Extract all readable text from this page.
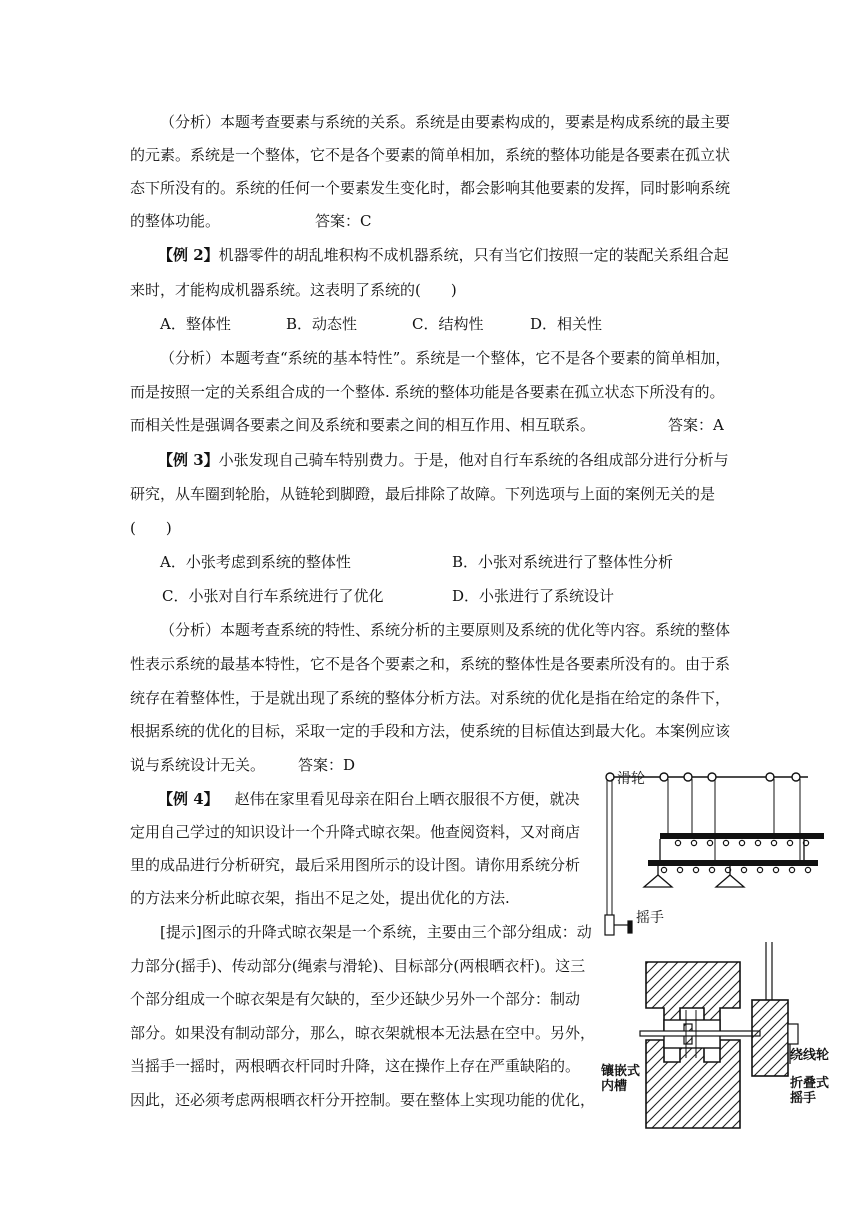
（分析）本题考查要素与系统的关系。系统是由要素构成的，要素是构成系统的最主要
的元素。系统是一个整体，它不是各个要素的简单相加，系统的整体功能是各要素在孤立状
态下所没有的。系统的任何一个要素发生变化时，都会影响其他要素的发挥，同时影响系统
的整体功能。	答案：C
【例 2】机器零件的胡乱堆积构不成机器系统，只有当它们按照一定的装配关系组合起
来时，才能构成机器系统。这表明了系统的(　　)
A．整体性	B．动态性	C．结构性	D．相关性
（分析）本题考查“系统的基本特性”。系统是一个整体，它不是各个要素的简单相加，
而是按照一定的关系组合成的一个整体. 系统的整体功能是各要素在孤立状态下所没有的。
而相关性是强调各要素之间及系统和要素之间的相互作用、相互联系。	答案：A
【例 3】小张发现自己骑车特别费力。于是，他对自行车系统的各组成部分进行分析与
研究，从车圈到轮胎，从链轮到脚蹬，最后排除了故障。下列选项与上面的案例无关的是
(　　)
A．小张考虑到系统的整体性	B．小张对系统进行了整体性分析
C．小张对自行车系统进行了优化	D．小张进行了系统设计
（分析）本题考查系统的特性、系统分析的主要原则及系统的优化等内容。系统的整体
性表示系统的最基本特性，它不是各个要素之和，系统的整体性是各要素所没有的。由于系
统存在着整体性，于是就出现了系统的整体分析方法。对系统的优化是指在给定的条件下，
根据系统的优化的目标，采取一定的手段和方法，使系统的目标值达到最大化。本案例应该
说与系统设计无关。 答案：D
【例 4】 赵伟在家里看见母亲在阳台上晒衣服很不方便，就决
定用自己学过的知识设计一个升降式晾衣架。他查阅资料，又对商店
里的成品进行分析研究，最后采用图所示的设计图。请你用系统分析
的方法来分析此晾衣架，指出不足之处，提出优化的方法.
[提示]图示的升降式晾衣架是一个系统，主要由三个部分组成：动
力部分(摇手)、传动部分(绳索与滑轮)、目标部分(两根晒衣杆)。这三
个部分组成一个晾衣架是有欠缺的，至少还缺少另外一个部分：制动
部分。如果没有制动部分，那么，晾衣架就根本无法悬在空中。另外，
当摇手一摇时，两根晒衣杆同时升降，这在操作上存在严重缺陷的。
因此，还必须考虑两根晒衣杆分开控制。要在整体上实现功能的优化，
滑轮
摇手
镶嵌式
内槽
绕线轮
折叠式
摇手
